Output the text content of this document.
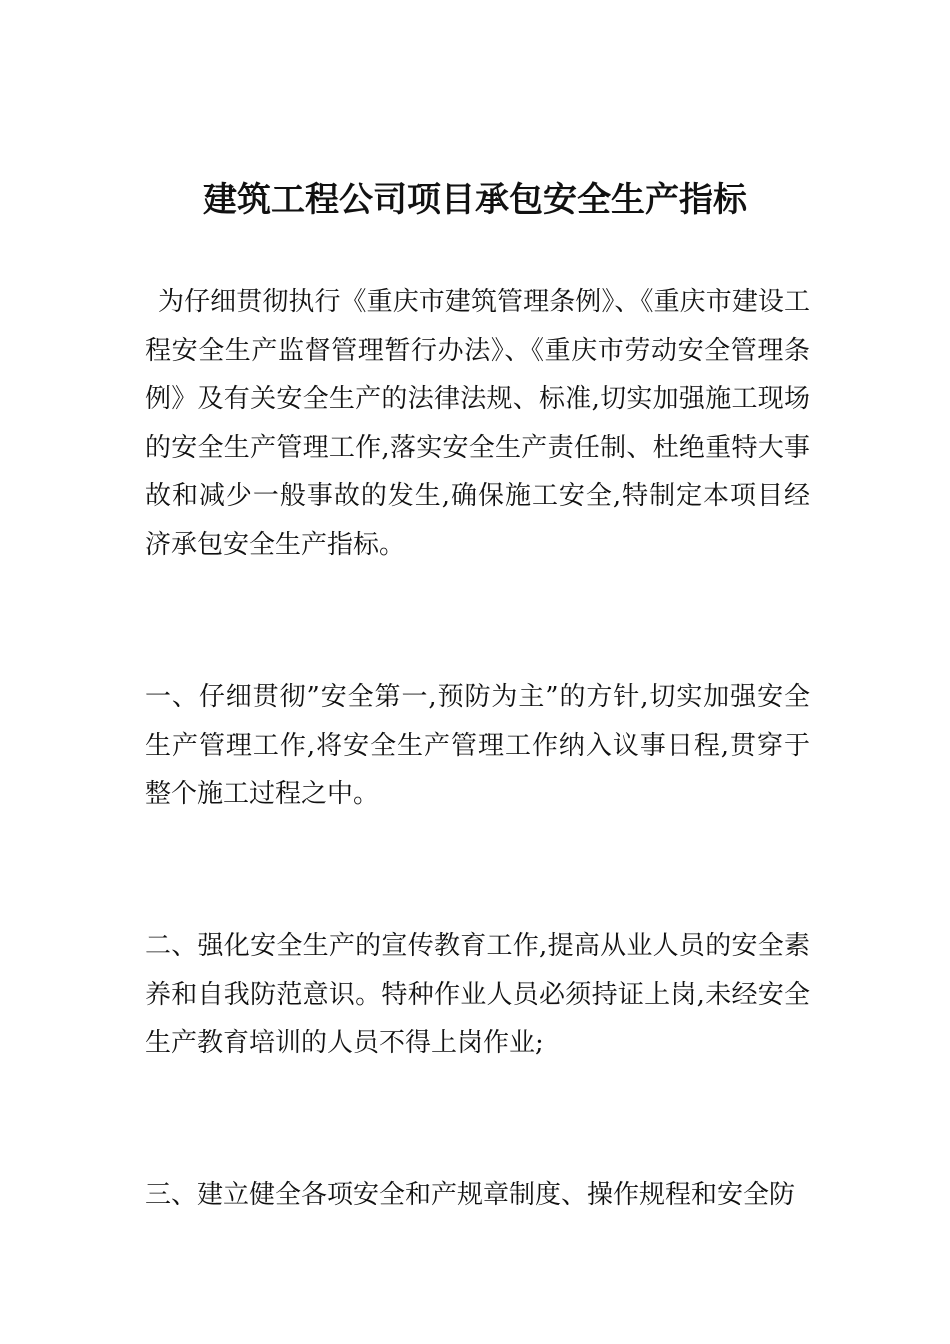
建筑工程公司项目承包安全生产指标

为仔细贯彻执行《重庆市建筑管理条例》、《重庆市建设工程安全生产监督管理暂行办法》、《重庆市劳动安全管理条例》及有关安全生产的法律法规、标准,切实加强施工现场的安全生产管理工作,落实安全生产责任制、杜绝重特大事故和减少一般事故的发生,确保施工安全,特制定本项目经济承包安全生产指标。

一、仔细贯彻”安全第一,预防为主”的方针,切实加强安全生产管理工作,将安全生产管理工作纳入议事日程,贯穿于整个施工过程之中。

二、强化安全生产的宣传教育工作,提高从业人员的安全素养和自我防范意识。特种作业人员必须持证上岗,未经安全生产教育培训的人员不得上岗作业;

三、建立健全各项安全和产规章制度、操作规程和安全防
